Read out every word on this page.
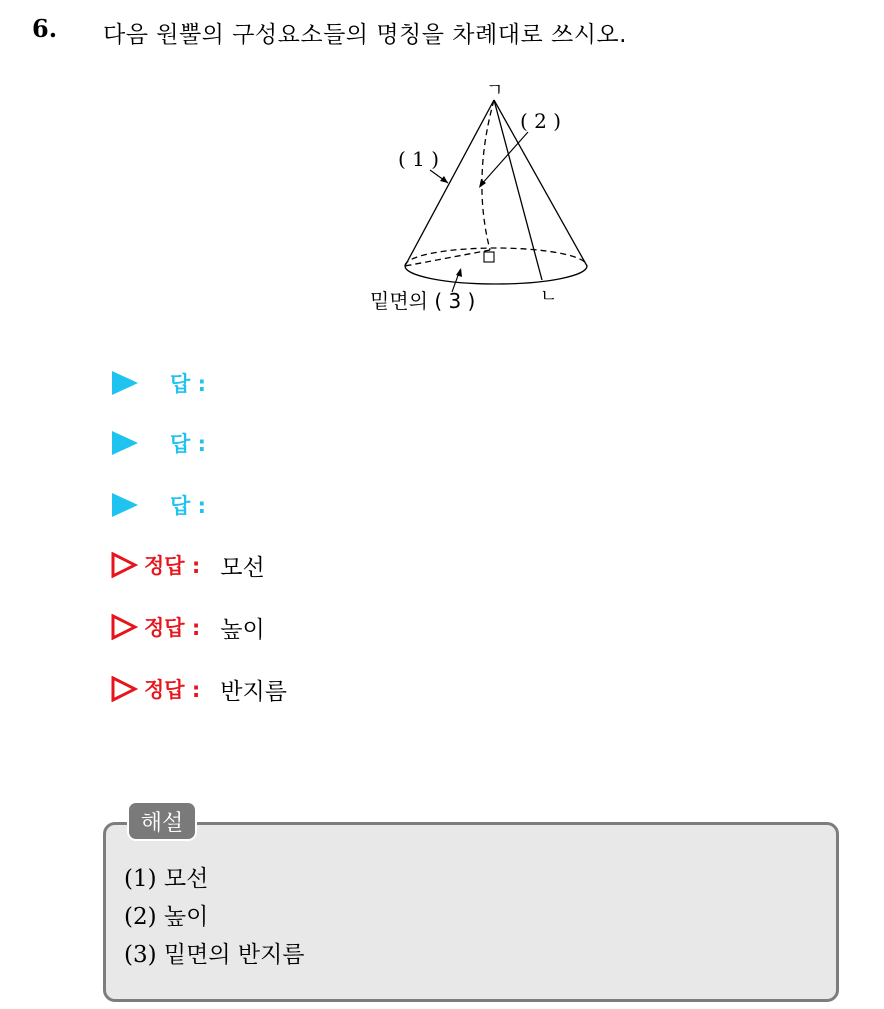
6. 다음 원뿔의 구성요소들의 명칭을 차례대로 쓰시오.
ㄱ
ㄴ
( 1 )
( 2 )
밑면의 ( 3 )
답 :
답 :
답 :
정답 : 모선
정답 : 높이
정답 : 반지름
해설
(1) 모선
(2) 높이
(3) 밑면의 반지름
